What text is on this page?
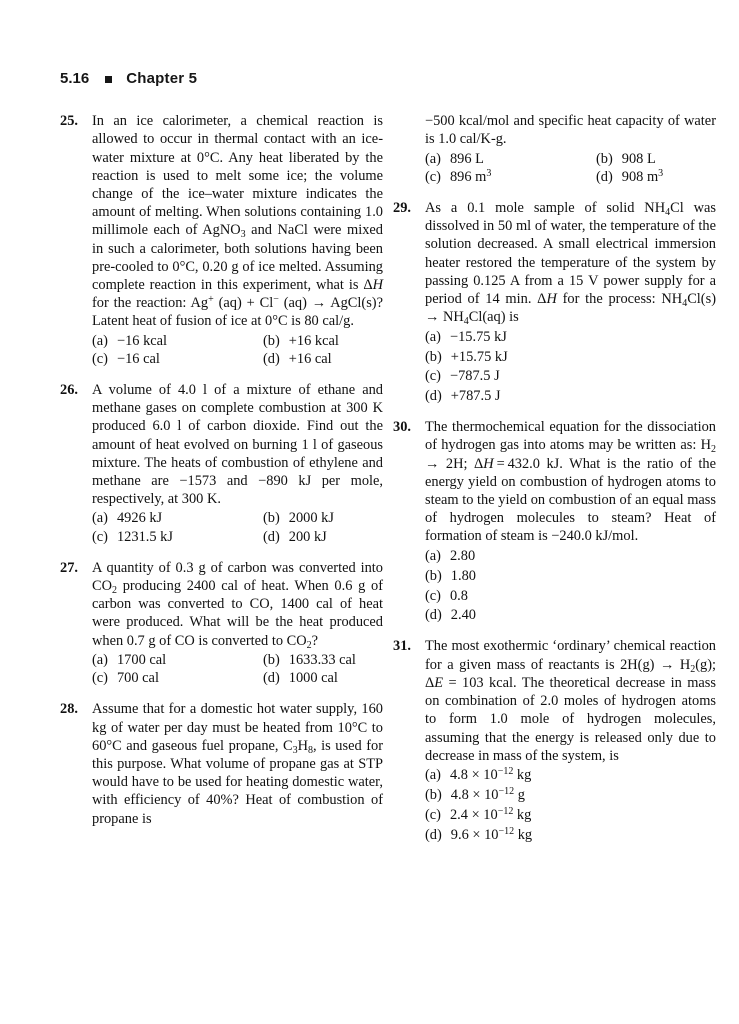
5.16 Chapter 5
25. In an ice calorimeter, a chemical reaction is allowed to occur in thermal contact with an ice-water mixture at 0°C. Any heat liberated by the reaction is used to melt some ice; the volume change of the ice–water mixture indicates the amount of melting. When solutions containing 1.0 millimole each of AgNO$_3$ and NaCl were mixed in such a calorimeter, both solutions having been pre-cooled to 0°C, 0.20 g of ice melted. Assuming complete reaction in this experiment, what is ΔH for the reaction: Ag+ (aq) + Cl− (aq) → AgCl(s)? Latent heat of fusion of ice at 0°C is 80 cal/g.

(a) −16 kcal	(b) +16 kcal
(c) −16 cal	(d) +16 cal
26. A volume of 4.0 l of a mixture of ethane and methane gases on complete combustion at 300 K produced 6.0 l of carbon dioxide. Find out the amount of heat evolved on burning 1 l of gaseous mixture. The heats of combustion of ethylene and methane are −1573 and −890 kJ per mole, respectively, at 300 K.

(a) 4926 kJ	(b) 2000 kJ
(c) 1231.5 kJ	(d) 200 kJ
27. A quantity of 0.3 g of carbon was converted into $CO_2$ producing 2400 cal of heat. When 0.6 g of carbon was converted to CO, 1400 cal of heat were produced. What will be the heat produced when 0.7 g of CO is converted to $CO_2$?

(a) 1700 cal	(b) 1633.33 cal
(c) 700 cal	(d) 1000 cal
28. Assume that for a domestic hot water supply, 160 kg of water per day must be heated from 10°C to 60°C and gaseous fuel propane, $C_3H_8$, is used for this purpose. What volume of propane gas at STP would have to be used for heating domestic water, with efficiency of 40%? Heat of combustion of propane is

−500 kcal/mol and specific heat capacity of water is 1.0 cal/K-g.

(a) 896 L	(b) 908 L
(c) 896 $m^3$	(d) 908 $m^3$
29. As a 0.1 mole sample of solid $NH_4Cl$ was dissolved in 50 ml of water, the temperature of the solution decreased. A small electrical immersion heater restored the temperature of the system by passing 0.125 A from a 15 V power supply for a period of 14 min. ΔH for the process: $NH_4Cl(s) \to NH_4Cl(aq)$ is

(a) −15.75 kJ
(b) +15.75 kJ
(c) −787.5 J
(d) +787.5 J
30. The thermochemical equation for the dissociation of hydrogen gas into atoms may be written as: $H_2 \to 2H$; ΔH = 432.0 kJ. What is the ratio of the energy yield on combustion of hydrogen atoms to steam to the yield on combustion of an equal mass of hydrogen molecules to steam? Heat of formation of steam is −240.0 kJ/mol.

(a) 2.80
(b) 1.80
(c) 0.8
(d) 2.40
31. The most exothermic ‘ordinary’ chemical reaction for a given mass of reactants is $2H(g) \to H_2(g)$; ΔE = 103 kcal. The theoretical decrease in mass on combination of 2.0 moles of hydrogen atoms to form 1.0 mole of hydrogen molecules, assuming that the energy is released only due to decrease in mass of the system, is

(a) $4.8 \times 10^{-12}$ kg
(b) $4.8 \times 10^{-12}$ g
(c) $2.4 \times 10^{-12}$ kg
(d) $9.6 \times 10^{-12}$ kg
